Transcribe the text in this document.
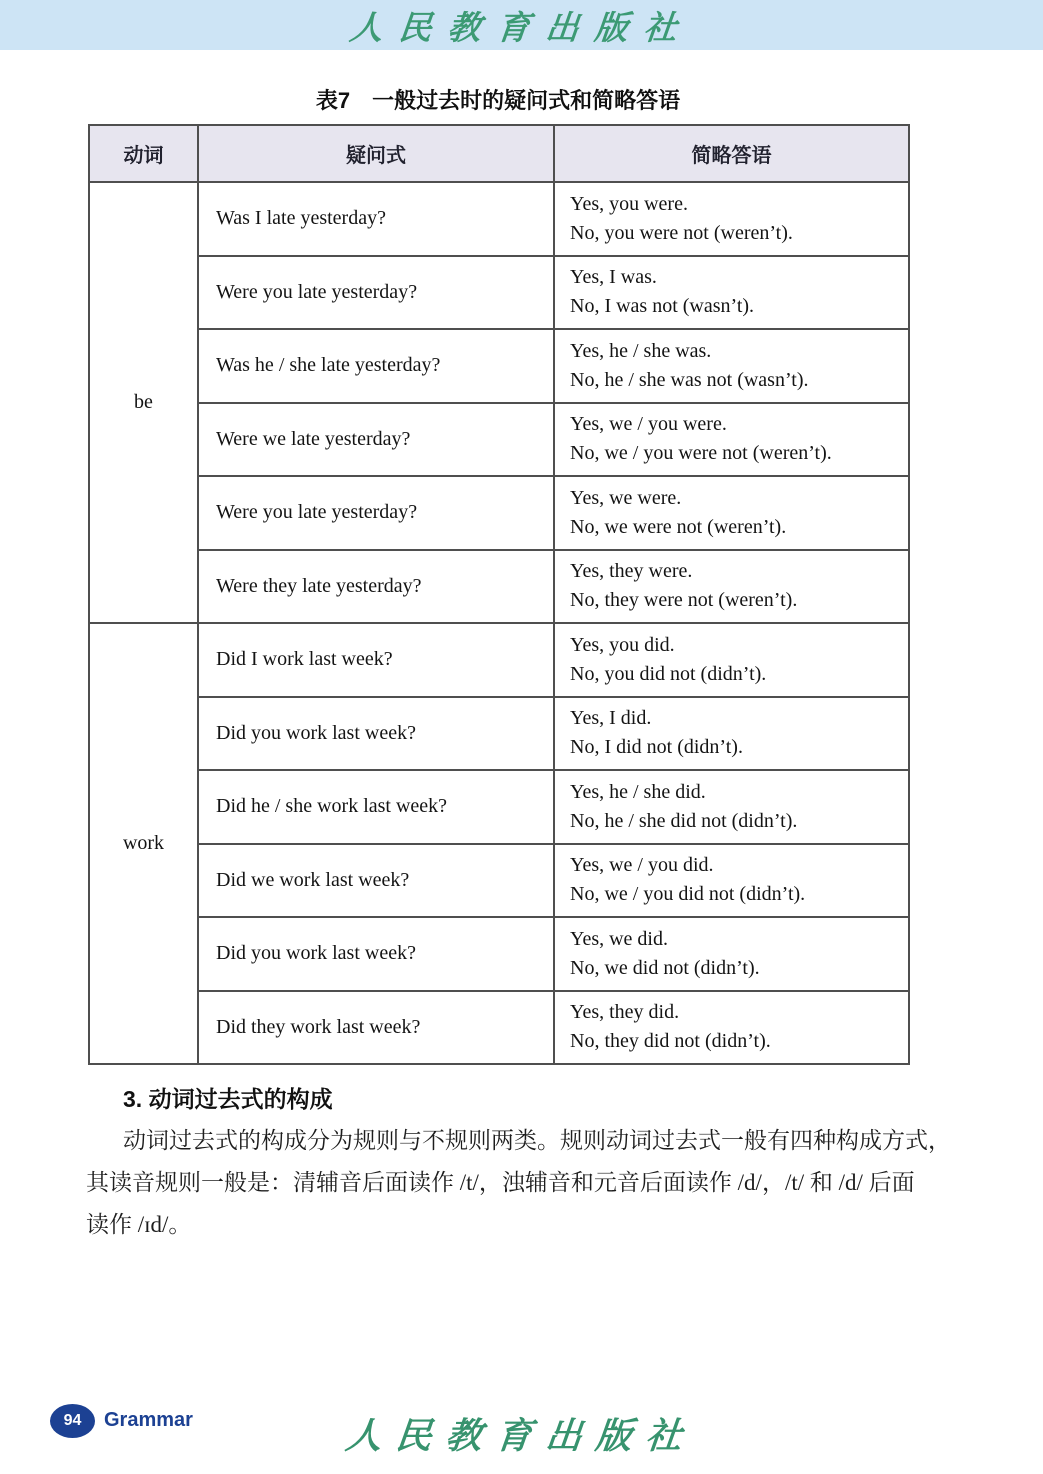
人民教育出版社
表7 一般过去时的疑问式和简略答语
动词	疑问式	简略答语
be	Was I late yesterday?	Yes, you were.
No, you were not (weren’t).

	Were you late yesterday?	Yes, I was.
No, I was not (wasn’t).

	Was he / she late yesterday?	Yes, he / she was.
No, he / she was not (wasn’t).

	Were we late yesterday?	Yes, we / you were.
No, we / you were not (weren’t).

	Were you late yesterday?	Yes, we were.
No, we were not (weren’t).

	Were they late yesterday?	Yes, they were.
No, they were not (weren’t).

work	Did I work last week?	Yes, you did.
No, you did not (didn’t).

	Did you work last week?	Yes, I did.
No, I did not (didn’t).

	Did he / she work last week?	Yes, he / she did.
No, he / she did not (didn’t).

	Did we work last week?	Yes, we / you did.
No, we / you did not (didn’t).

	Did you work last week?	Yes, we did.
No, we did not (didn’t).

	Did they work last week?	Yes, they did.
No, they did not (didn’t).
3. 动词过去式的构成
动词过去式的构成分为规则与不规则两类。规则动词过去式一般有四种构成方式，
其读音规则一般是：清辅音后面读作 /t/，浊辅音和元音后面读作 /d/，/t/ 和 /d/ 后面
读作 /ɪd/。
94 Grammar	人民教育出版社
